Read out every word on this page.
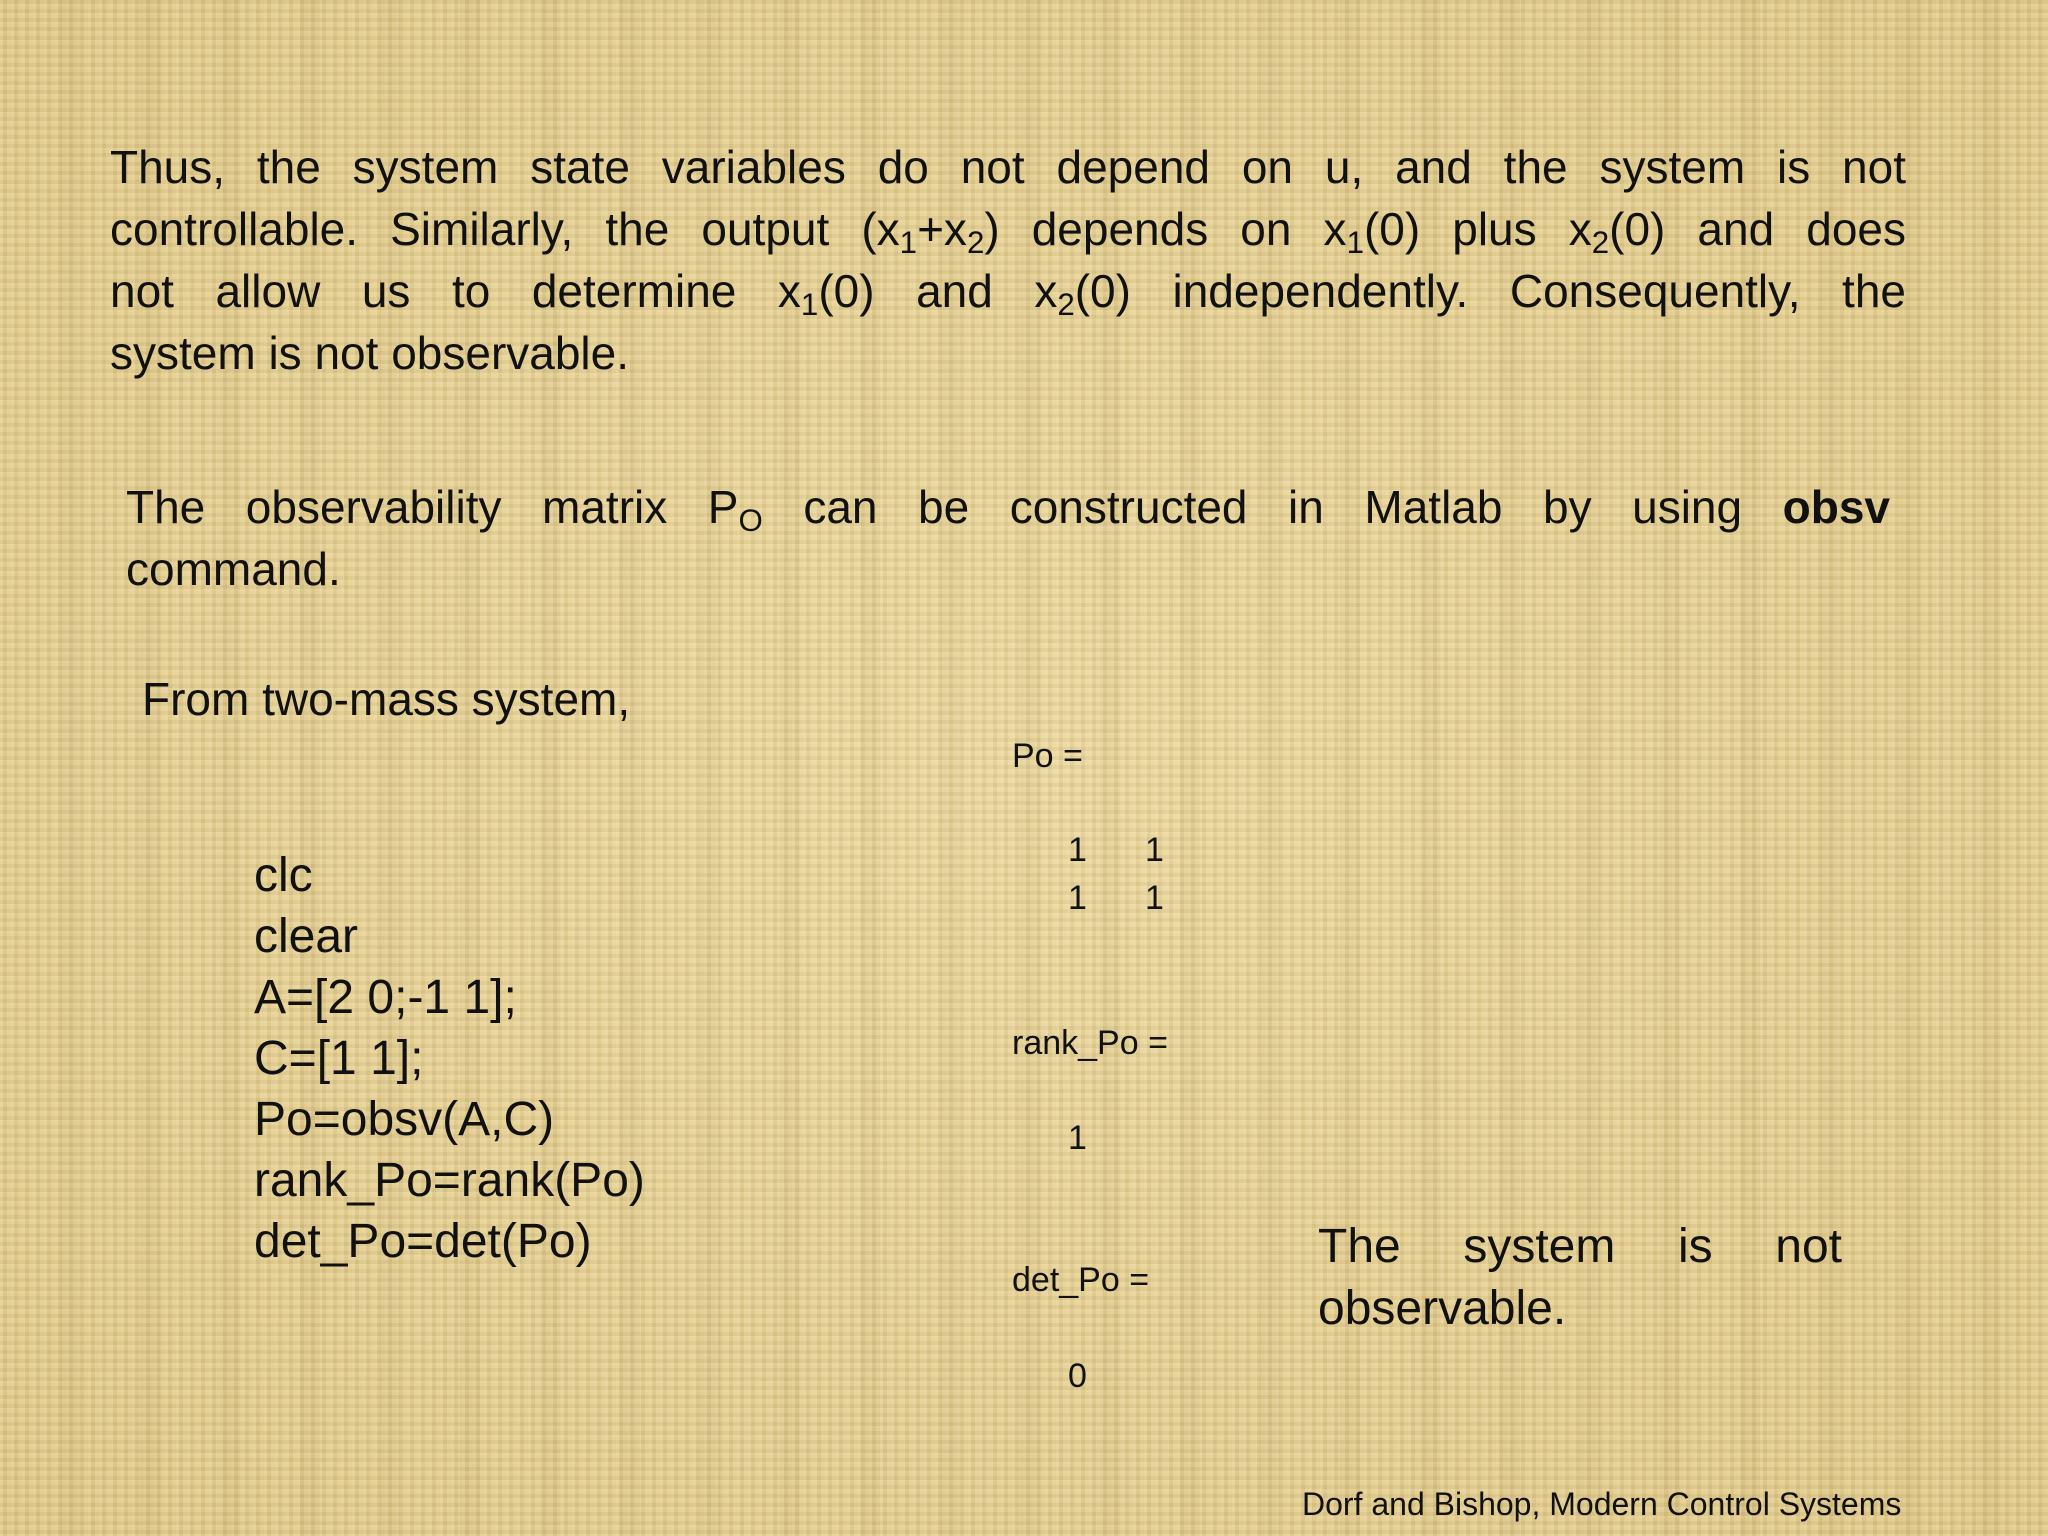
Thus, the system state variables do not depend on u, and the system is not
controllable. Similarly, the output $(x_1+x_2)$ depends on $x_1(0)$ plus $x_2(0)$ and does
not allow us to determine $x_1(0)$ and $x_2(0)$ independently. Consequently, the
system is not observable.
The observability matrix $P_O$ can be constructed in Matlab by using obsv
command.
From two-mass system,
clc
clear
A=[2 0;-1 1];
C=[1 1];
Po=obsv(A,C)
rank_Po=rank(Po)
det_Po=det(Po)
Po =
1 1
1 1
rank_Po =
1
det_Po =
0
The system is not
observable.
Dorf and Bishop, Modern Control Systems
